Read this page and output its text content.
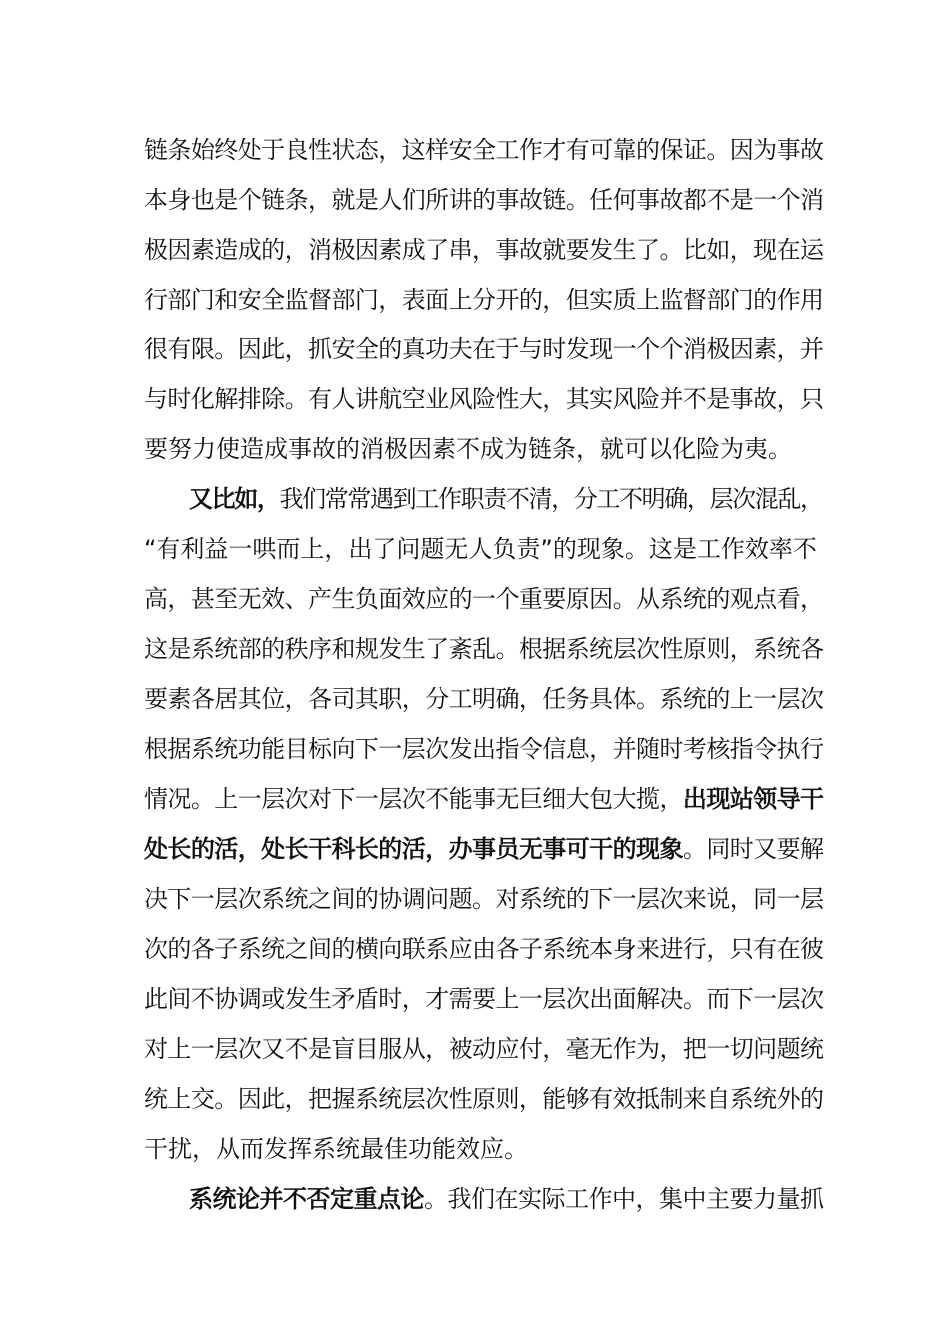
链条始终处于良性状态，这样安全工作才有可靠的保证。因为事故
本身也是个链条，就是人们所讲的事故链。任何事故都不是一个消
极因素造成的，消极因素成了串，事故就要发生了。比如，现在运
行部门和安全监督部门，表面上分开的，但实质上监督部门的作用
很有限。因此，抓安全的真功夫在于与时发现一个个消极因素，并
与时化解排除。有人讲航空业风险性大，其实风险并不是事故，只
要努力使造成事故的消极因素不成为链条，就可以化险为夷。
又比如，我们常常遇到工作职责不清，分工不明确，层次混乱，
“有利益一哄而上，出了问题无人负责”的现象。这是工作效率不
高，甚至无效、产生负面效应的一个重要原因。从系统的观点看，
这是系统部的秩序和规发生了紊乱。根据系统层次性原则，系统各
要素各居其位，各司其职，分工明确，任务具体。系统的上一层次
根据系统功能目标向下一层次发出指令信息，并随时考核指令执行
情况。上一层次对下一层次不能事无巨细大包大揽，出现站领导干
处长的活，处长干科长的活，办事员无事可干的现象。同时又要解
决下一层次系统之间的协调问题。对系统的下一层次来说，同一层
次的各子系统之间的横向联系应由各子系统本身来进行，只有在彼
此间不协调或发生矛盾时，才需要上一层次出面解决。而下一层次
对上一层次又不是盲目服从，被动应付，毫无作为，把一切问题统
统上交。因此，把握系统层次性原则，能够有效抵制来自系统外的
干扰，从而发挥系统最佳功能效应。
系统论并不否定重点论。我们在实际工作中，集中主要力量抓
